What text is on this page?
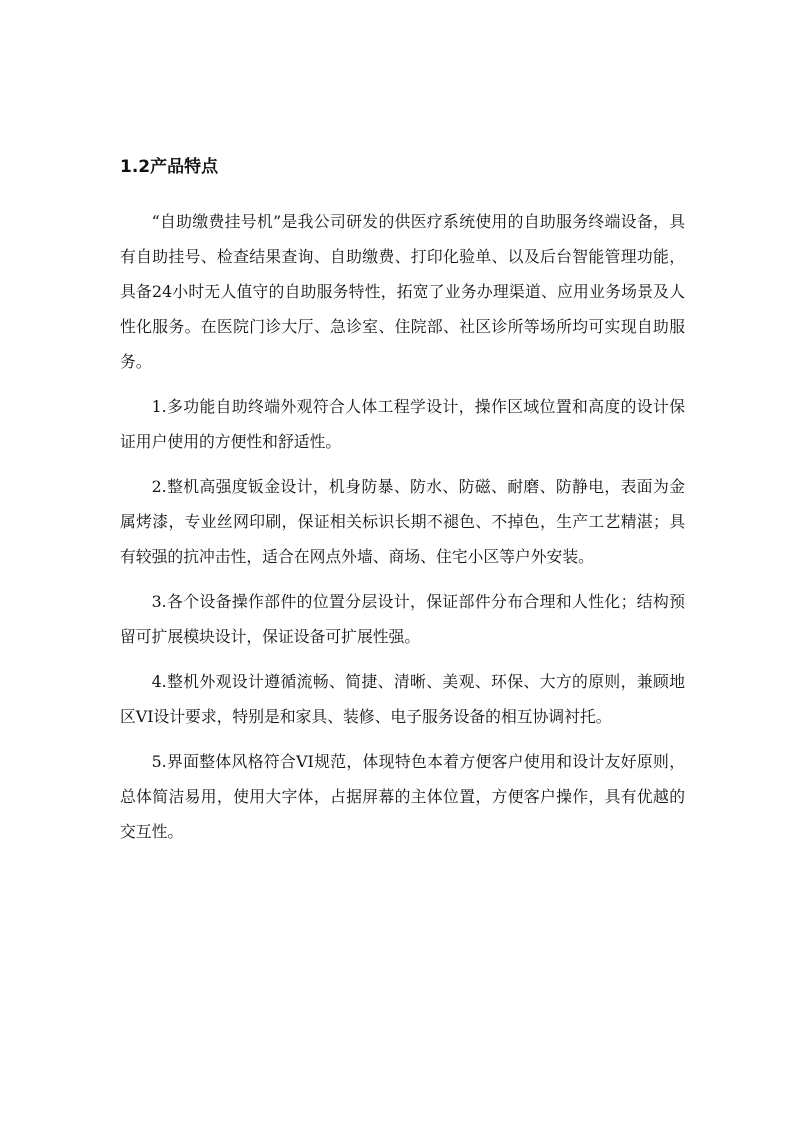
1.2产品特点

“自助缴费挂号机”是我公司研发的供医疗系统使用的自助服务终端设备，具有自助挂号、检查结果查询、自助缴费、打印化验单、以及后台智能管理功能，具备24小时无人值守的自助服务特性，拓宽了业务办理渠道、应用业务场景及人性化服务。在医院门诊大厅、急诊室、住院部、社区诊所等场所均可实现自助服务。

1.多功能自助终端外观符合人体工程学设计，操作区域位置和高度的设计保证用户使用的方便性和舒适性。

2.整机高强度钣金设计，机身防暴、防水、防磁、耐磨、防静电，表面为金属烤漆，专业丝网印刷，保证相关标识长期不褪色、不掉色，生产工艺精湛；具有较强的抗冲击性，适合在网点外墙、商场、住宅小区等户外安装。

3.各个设备操作部件的位置分层设计，保证部件分布合理和人性化；结构预留可扩展模块设计，保证设备可扩展性强。

4.整机外观设计遵循流畅、简捷、清晰、美观、环保、大方的原则，兼顾地区VI设计要求，特别是和家具、装修、电子服务设备的相互协调衬托。

5.界面整体风格符合VI规范，体现特色本着方便客户使用和设计友好原则，总体简洁易用，使用大字体，占据屏幕的主体位置，方便客户操作，具有优越的交互性。
